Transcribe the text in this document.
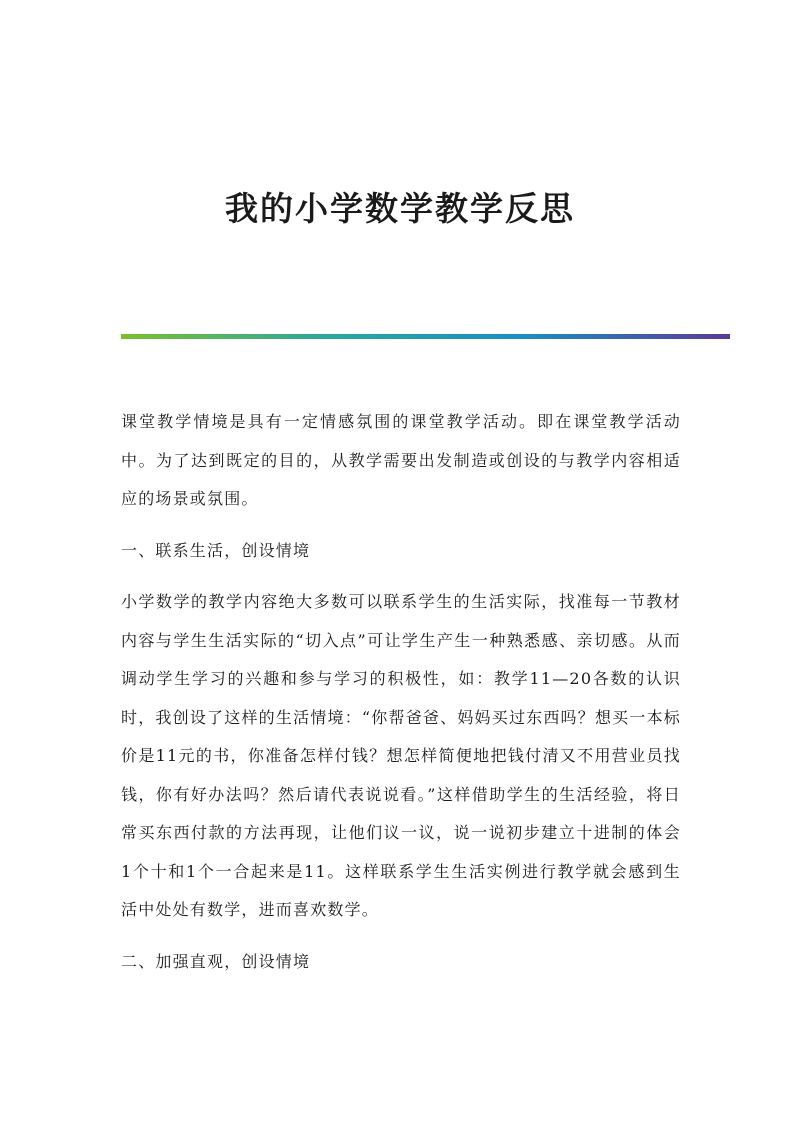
我的小学数学教学反思

课堂教学情境是具有一定情感氛围的课堂教学活动。即在课堂教学活动中。为了达到既定的目的，从教学需要出发制造或创设的与教学内容相适应的场景或氛围。

一、联系生活，创设情境

小学数学的教学内容绝大多数可以联系学生的生活实际，找准每一节教材内容与学生生活实际的“切入点”可让学生产生一种熟悉感、亲切感。从而调动学生学习的兴趣和参与学习的积极性，如：教学11—20各数的认识时，我创设了这样的生活情境：“你帮爸爸、妈妈买过东西吗？想买一本标价是11元的书，你准备怎样付钱？想怎样简便地把钱付清又不用营业员找钱，你有好办法吗？然后请代表说说看。”这样借助学生的生活经验，将日常买东西付款的方法再现，让他们议一议，说一说初步建立十进制的体会1个十和1个一合起来是11。这样联系学生生活实例进行教学就会感到生活中处处有数学，进而喜欢数学。

二、加强直观，创设情境
